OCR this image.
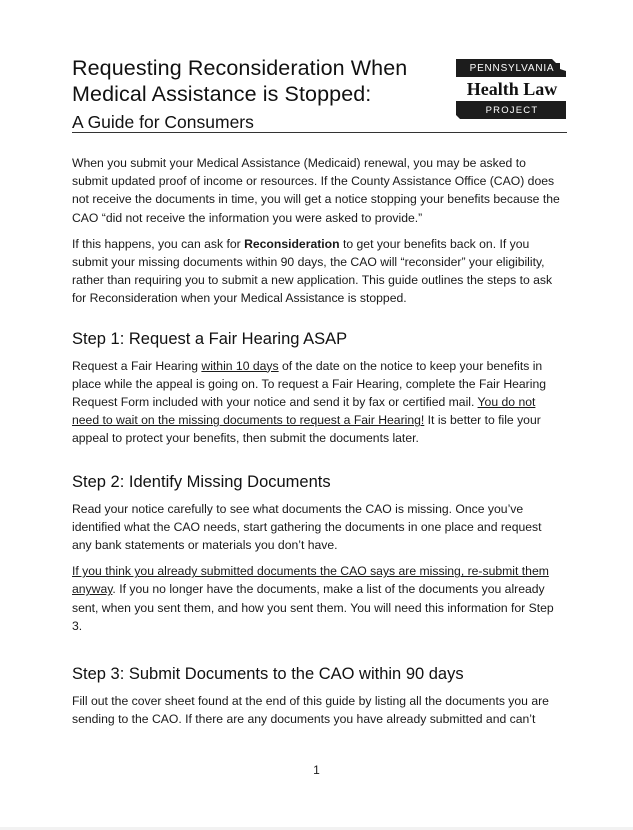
Requesting Reconsideration When
Medical Assistance is Stopped:
A Guide for Consumers
PENNSYLVANIA
Health Law
PROJECT

When you submit your Medical Assistance (Medicaid) renewal, you may be asked to submit updated proof of income or resources. If the County Assistance Office (CAO) does not receive the documents in time, you will get a notice stopping your benefits because the CAO “did not receive the information you were asked to provide.”

If this happens, you can ask for Reconsideration to get your benefits back on. If you submit your missing documents within 90 days, the CAO will “reconsider” your eligibility, rather than requiring you to submit a new application. This guide outlines the steps to ask for Reconsideration when your Medical Assistance is stopped.

Step 1: Request a Fair Hearing ASAP

Request a Fair Hearing within 10 days of the date on the notice to keep your benefits in place while the appeal is going on. To request a Fair Hearing, complete the Fair Hearing Request Form included with your notice and send it by fax or certified mail. You do not need to wait on the missing documents to request a Fair Hearing! It is better to file your appeal to protect your benefits, then submit the documents later.

Step 2: Identify Missing Documents

Read your notice carefully to see what documents the CAO is missing. Once you’ve identified what the CAO needs, start gathering the documents in one place and request any bank statements or materials you don’t have.

If you think you already submitted documents the CAO says are missing, re-submit them anyway. If you no longer have the documents, make a list of the documents you already sent, when you sent them, and how you sent them. You will need this information for Step 3.

Step 3: Submit Documents to the CAO within 90 days

Fill out the cover sheet found at the end of this guide by listing all the documents you are sending to the CAO. If there are any documents you have already submitted and can’t

1
